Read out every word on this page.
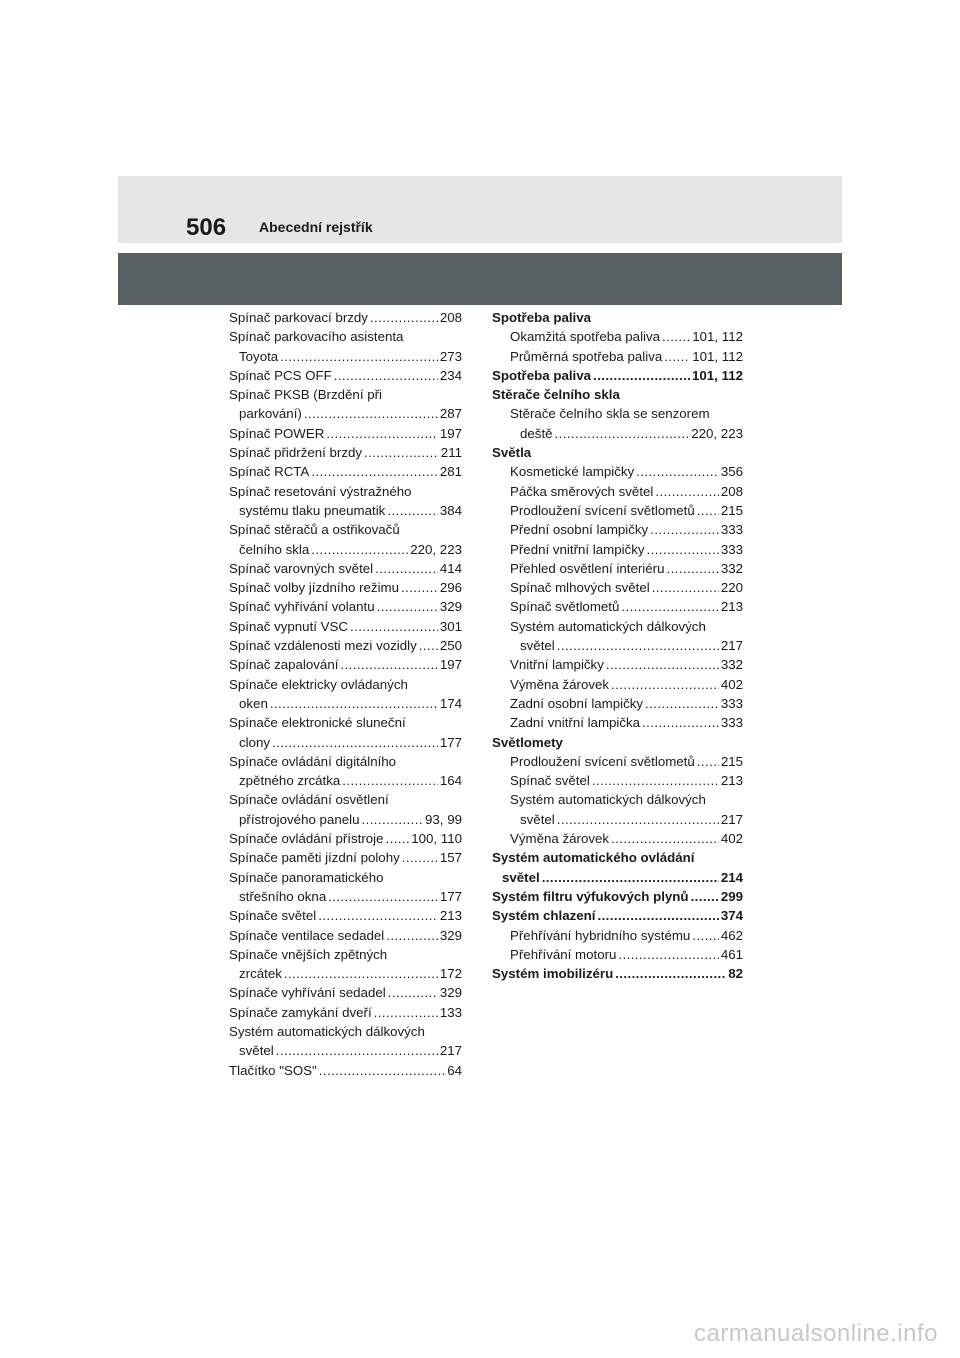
506 Abecední rejstřík
Spínač parkovací brzdy .....	208
Spínač parkovacího asistenta
Toyota .....	273
Spínač PCS OFF .....	234
Spínač PKSB (Brzdění při
parkování) .....	287
Spínač POWER .....	197
Spínač přidržení brzdy .....	211
Spínač RCTA .....	281
Spínač resetování výstražného
systému tlaku pneumatik .....	384
Spínač stěračů a ostřikovačů
čelního skla .....	220, 223
Spínač varovných světel .....	414
Spínač volby jízdního režimu .....	296
Spínač vyhřívání volantu .....	329
Spínač vypnutí VSC .....	301
Spínač vzdálenosti mezi vozidly ..... 250
Spínač zapalování .....	197
Spínače elektricky ovládaných
oken .....	174
Spínače elektronické sluneční
clony .....	177
Spínače ovládání digitálního
zpětného zrcátka .....	164
Spínače ovládání osvětlení
přístrojového panelu .....	93, 99
Spínače ovládání přístroje ..... 100, 110
Spínače paměti jízdní polohy .....	157
Spínače panoramatického
střešního okna .....	177
Spínače světel .....	213
Spínače ventilace sedadel .....	329
Spínače vnějších zpětných
zrcátek .....	172
Spínače vyhřívání sedadel .....	329
Spínače zamykání dveří .....	133
Systém automatických dálkových
světel .....	217
Tlačítko "SOS" .....	64
Spotřeba paliva
Okamžitá spotřeba paliva ..... 101, 112
Průměrná spotřeba paliva ..... 101, 112
Spotřeba paliva .....	101, 112
Stěrače čelního skla
Stěrače čelního skla se senzorem
deště .....	220, 223
Světla
Kosmetické lampičky .....	356
Páčka směrových světel .....	208
Prodloužení svícení světlometů ..... 215
Přední osobní lampičky .....	333
Přední vnitřní lampičky .....	333
Přehled osvětlení interiéru .....	332
Spínač mlhových světel .....	220
Spínač světlometů .....	213
Systém automatických dálkových
světel .....	217
Vnitřní lampičky .....	332
Výměna žárovek .....	402
Zadní osobní lampičky .....	333
Zadní vnitřní lampička .....	333
Světlomety
Prodloužení svícení světlometů ..... 215
Spínač světel .....	213
Systém automatických dálkových
světel .....	217
Výměna žárovek .....	402
Systém automatického ovládání
světel .....	214
Systém filtru výfukových plynů ..... 299
Systém chlazení .....	374
Přehřívání hybridního systému ..... 462
Přehřívání motoru .....	461
Systém imobilizéru .....	82
carmanualsonline.info
